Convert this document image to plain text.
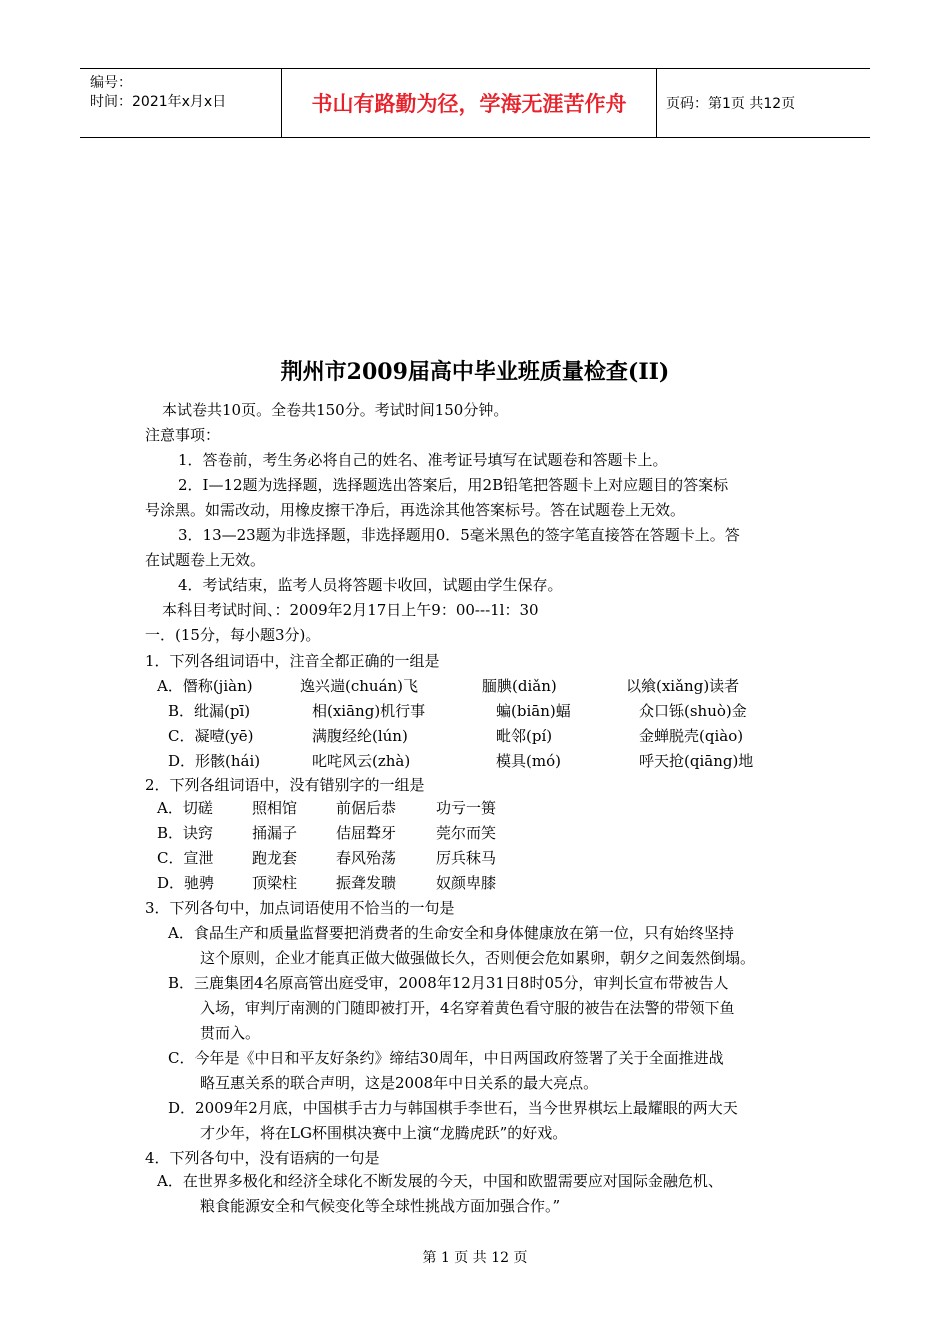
编号：
时间：2021年x月x日	书山有路勤为径，学海无涯苦作舟	页码：第1页 共12页
荆州市2009届高中毕业班质量检查(II)
本试卷共10页。全卷共150分。考试时间150分钟。
注意事项：
1．答卷前，考生务必将自己的姓名、准考证号填写在试题卷和答题卡上。
2．I—12题为选择题，选择题选出答案后，用2B铅笔把答题卡上对应题目的答案标
号涂黑。如需改动，用橡皮擦干净后，再选涂其他答案标号。答在试题卷上无效。
3．13—23题为非选择题，非选择题用0．5毫米黑色的签字笔直接答在答题卡上。答
在试题卷上无效。
4．考试结束，监考人员将答题卡收回，试题由学生保存。
本科目考试时间、：2009年2月17日上午9：00---1l：30
一．(15分，每小题3分)。
1．下列各组词语中，注音全都正确的一组是
A．僭称(jiàn)	逸兴遄(chuán)飞	腼腆(diǎn)	以飨(xiǎng)读者
B．纰漏(pī)	相(xiāng)机行事	蝙(biān)蝠	众口铄(shuò)金
C．凝噎(yē)	满腹经纶(lún)	毗邻(pí)	金蝉脱壳(qiào)
D．形骸(hái)	叱咤风云(zhà)	模具(mó)	呼天抢(qiāng)地
2．下列各组词语中，没有错别字的一组是
A．切磋	照相馆	前倨后恭	功亏一篑
B．诀窍	捅漏子	佶屈聱牙	莞尔而笑
C．宣泄	跑龙套	春风殆荡	厉兵秣马
D．驰骋	顶梁柱	振聋发聩	奴颜卑膝
3．下列各句中，加点词语使用不恰当的一句是
A．食品生产和质量监督要把消费者的生命安全和身体健康放在第一位，只有始终坚持
这个原则，企业才能真正做大做强做长久，否则便会危如累卵，朝夕之间轰然倒塌。
B．三鹿集团4名原高管出庭受审，2008年12月31日8时05分，审判长宣布带被告人
入场，审判厅南测的门随即被打开，4名穿着黄色看守服的被告在法警的带领下鱼
贯而入。
C．今年是《中日和平友好条约》缔结30周年，中日两国政府签署了关于全面推进战
略互惠关系的联合声明，这是2008年中日关系的最大亮点。
D．2009年2月底，中国棋手古力与韩国棋手李世石，当今世界棋坛上最耀眼的两大天
才少年，将在LG杯围棋决赛中上演“龙腾虎跃”的好戏。
4．下列各句中，没有语病的一句是
A．在世界多极化和经济全球化不断发展的今天，中国和欧盟需要应对国际金融危机、
粮食能源安全和气候变化等全球性挑战方面加强合作。”
第 1 页 共 12 页
